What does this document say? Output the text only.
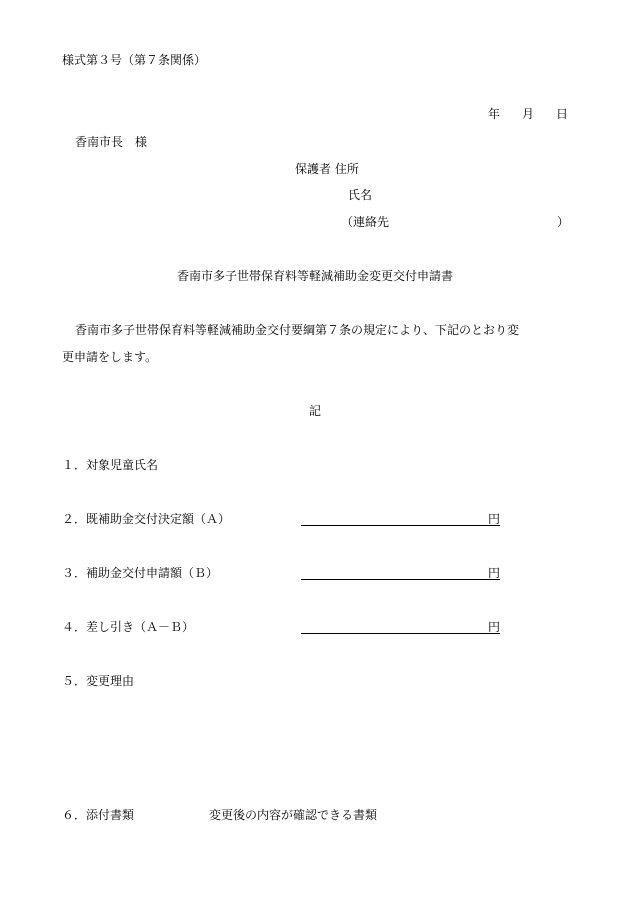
様式第３号（第７条関係）
年 月 日
香南市長　様
保護者 住所
氏名
（連絡先	）
香南市多子世帯保育料等軽減補助金変更交付申請書
香南市多子世帯保育料等軽減補助金交付要綱第７条の規定により、下記のとおり変
更申請をします。
記
１．対象児童氏名
２．既補助金交付決定額（Ａ）	円
３．補助金交付申請額（Ｂ）	円
４．差し引き（Ａ－Ｂ）	円
５．変更理由
６．添付書類	変更後の内容が確認できる書類
